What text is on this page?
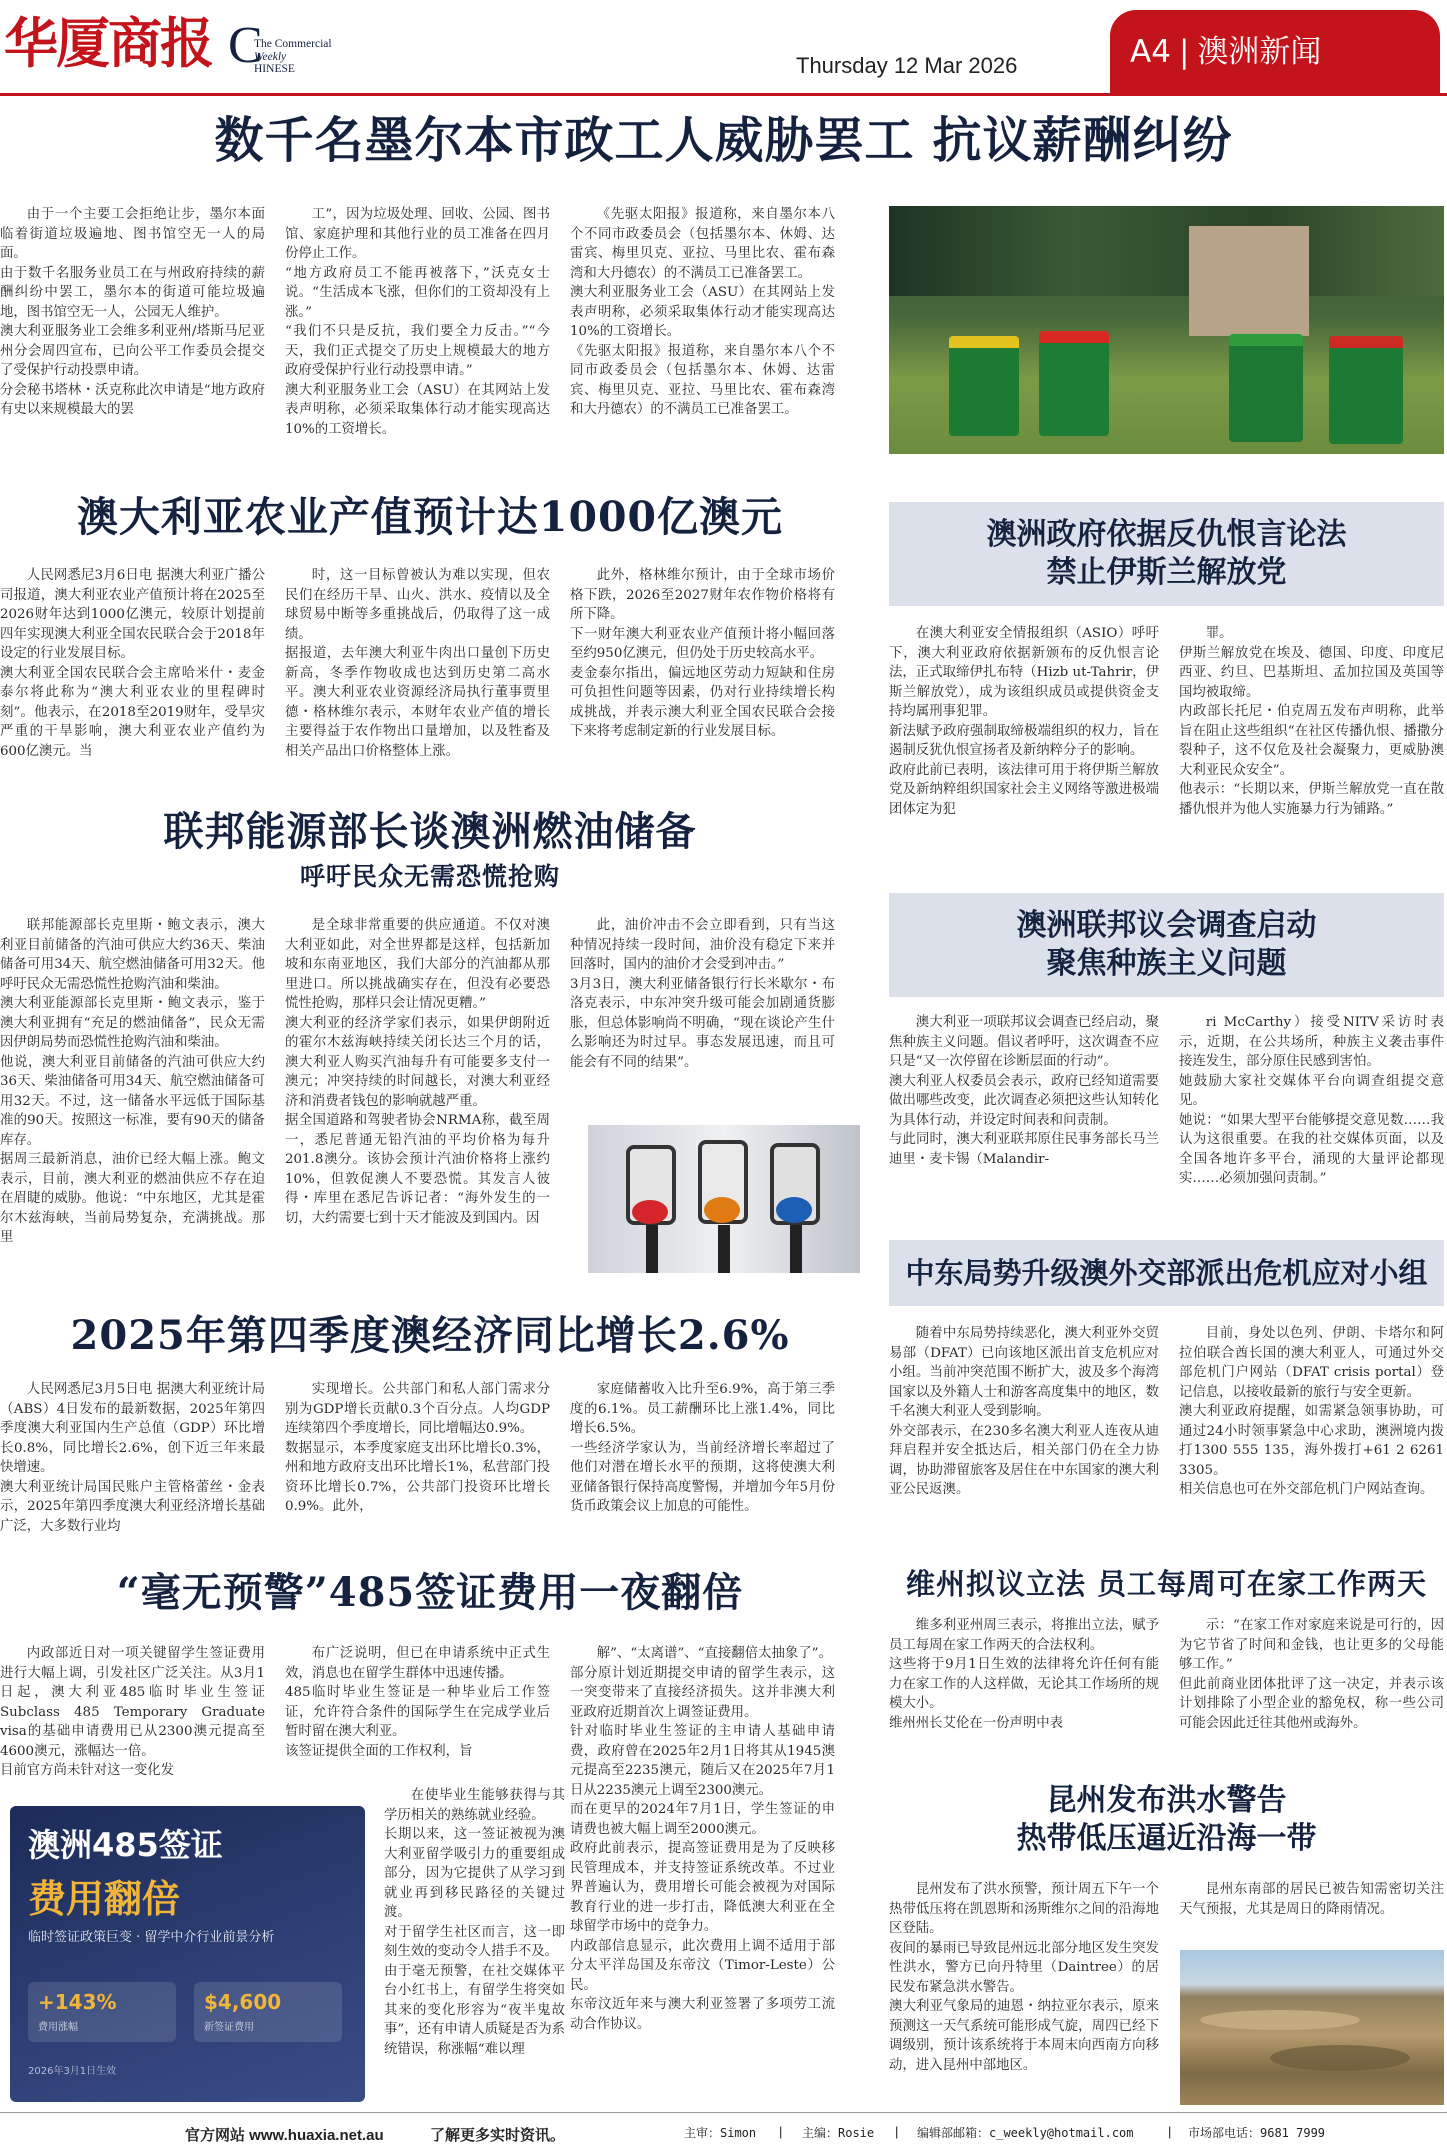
华厦商报 C
The Commercial
Weekly
HINESE	Thursday 12 Mar 2026	A4 | 澳洲新闻
数千名墨尔本市政工人威胁罢工 抗议薪酬纠纷
由于一个主要工会拒绝让步，墨尔本面临着街道垃圾遍地、图书馆空无一人的局面。
由于数千名服务业员工在与州政府持续的薪酬纠纷中罢工，墨尔本的街道可能垃圾遍地，图书馆空无一人，公园无人维护。
澳大利亚服务业工会维多利亚州/塔斯马尼亚州分会周四宣布，已向公平工作委员会提交了受保护行动投票申请。
分会秘书塔林・沃克称此次申请是“地方政府有史以来规模最大的罢
工”，因为垃圾处理、回收、公园、图书馆、家庭护理和其他行业的员工准备在四月份停止工作。
“地方政府员工不能再被落下，”沃克女士说。“生活成本飞涨，但你们的工资却没有上涨。”
“我们不只是反抗，我们要全力反击。”“今天，我们正式提交了历史上规模最大的地方政府受保护行业行动投票申请。”
澳大利亚服务业工会（ASU）在其网站上发表声明称，必须采取集体行动才能实现高达10%的工资增长。
《先驱太阳报》报道称，来自墨尔本八个不同市政委员会（包括墨尔本、休姆、达雷宾、梅里贝克、亚拉、马里比农、霍布森湾和大丹德农）的不满员工已准备罢工。
澳大利亚服务业工会（ASU）在其网站上发表声明称，必须采取集体行动才能实现高达10%的工资增长。
《先驱太阳报》报道称，来自墨尔本八个不同市政委员会（包括墨尔本、休姆、达雷宾、梅里贝克、亚拉、马里比农、霍布森湾和大丹德农）的不满员工已准备罢工。
澳大利亚农业产值预计达1000亿澳元
人民网悉尼3月6日电 据澳大利亚广播公司报道，澳大利亚农业产值预计将在2025至2026财年达到1000亿澳元，较原计划提前四年实现澳大利亚全国农民联合会于2018年设定的行业发展目标。
澳大利亚全国农民联合会主席哈米什・麦金泰尔将此称为“澳大利亚农业的里程碑时刻”。他表示，在2018至2019财年，受旱灾严重的干旱影响，澳大利亚农业产值约为600亿澳元。当
时，这一目标曾被认为难以实现，但农民们在经历干旱、山火、洪水、疫情以及全球贸易中断等多重挑战后，仍取得了这一成绩。
据报道，去年澳大利亚牛肉出口量创下历史新高，冬季作物收成也达到历史第二高水平。澳大利亚农业资源经济局执行董事贾里德・格林维尔表示，本财年农业产值的增长主要得益于农作物出口量增加，以及牲畜及相关产品出口价格整体上涨。
此外，格林维尔预计，由于全球市场价格下跌，2026至2027财年农作物价格将有所下降。
下一财年澳大利亚农业产值预计将小幅回落至约950亿澳元，但仍处于历史较高水平。
麦金泰尔指出，偏远地区劳动力短缺和住房可负担性问题等因素，仍对行业持续增长构成挑战，并表示澳大利亚全国农民联合会接下来将考虑制定新的行业发展目标。
联邦能源部长谈澳洲燃油储备
呼吁民众无需恐慌抢购
联邦能源部长克里斯・鲍文表示，澳大利亚目前储备的汽油可供应大约36天、柴油储备可用34天、航空燃油储备可用32天。他呼吁民众无需恐慌性抢购汽油和柴油。
澳大利亚能源部长克里斯・鲍文表示，鉴于澳大利亚拥有“充足的燃油储备”，民众无需因伊朗局势而恐慌性抢购汽油和柴油。
他说，澳大利亚目前储备的汽油可供应大约36天、柴油储备可用34天、航空燃油储备可用32天。不过，这一储备水平远低于国际基准的90天。按照这一标准，要有90天的储备库存。
据周三最新消息，油价已经大幅上涨。鲍文表示，目前，澳大利亚的燃油供应不存在迫在眉睫的威胁。他说：“中东地区，尤其是霍尔木兹海峡，当前局势复杂，充满挑战。那里
是全球非常重要的供应通道。不仅对澳大利亚如此，对全世界都是这样，包括新加坡和东南亚地区，我们大部分的汽油都从那里进口。所以挑战确实存在，但没有必要恐慌性抢购，那样只会让情况更糟。”
澳大利亚的经济学家们表示，如果伊朗附近的霍尔木兹海峡持续关闭长达三个月的话，澳大利亚人购买汽油每升有可能要多支付一澳元；冲突持续的时间越长，对澳大利亚经济和消费者钱包的影响就越严重。
据全国道路和驾驶者协会NRMA称，截至周一，悉尼普通无铅汽油的平均价格为每升201.8澳分。该协会预计汽油价格将上涨约10%，但敦促澳人不要恐慌。其发言人彼得・库里在悉尼告诉记者：“海外发生的一切，大约需要七到十天才能波及到国内。因
此，油价冲击不会立即看到，只有当这种情况持续一段时间，油价没有稳定下来并回落时，国内的油价才会受到冲击。”
3月3日，澳大利亚储备银行行长米歇尔・布洛克表示，中东冲突升级可能会加剧通货膨胀，但总体影响尚不明确，“现在谈论产生什么影响还为时过早。事态发展迅速，而且可能会有不同的结果”。
2025年第四季度澳经济同比增长2.6%
人民网悉尼3月5日电 据澳大利亚统计局（ABS）4日发布的最新数据，2025年第四季度澳大利亚国内生产总值（GDP）环比增长0.8%，同比增长2.6%，创下近三年来最快增速。
澳大利亚统计局国民账户主管格蕾丝・金表示，2025年第四季度澳大利亚经济增长基础广泛，大多数行业均
实现增长。公共部门和私人部门需求分别为GDP增长贡献0.3个百分点。人均GDP连续第四个季度增长，同比增幅达0.9%。
数据显示，本季度家庭支出环比增长0.3%，州和地方政府支出环比增长1%，私营部门投资环比增长0.7%，公共部门投资环比增长0.9%。此外，
家庭储蓄收入比升至6.9%，高于第三季度的6.1%。员工薪酬环比上涨1.4%，同比增长6.5%。
一些经济学家认为，当前经济增长率超过了他们对潜在增长水平的预期，这将使澳大利亚储备银行保持高度警惕，并增加今年5月份货币政策会议上加息的可能性。
“毫无预警”485签证费用一夜翻倍
内政部近日对一项关键留学生签证费用进行大幅上调，引发社区广泛关注。从3月1日起，澳大利亚485临时毕业生签证Subclass 485 Temporary Graduate visa的基础申请费用已从2300澳元提高至4600澳元，涨幅达一倍。
目前官方尚未针对这一变化发
布广泛说明，但已在申请系统中正式生效，消息也在留学生群体中迅速传播。
485临时毕业生签证是一种毕业后工作签证，允许符合条件的国际学生在完成学业后暂时留在澳大利亚。
该签证提供全面的工作权利，旨
解”、“太离谱”、“直接翻倍太抽象了”。
部分原计划近期提交申请的留学生表示，这一突变带来了直接经济损失。这并非澳大利亚政府近期首次上调签证费用。
针对临时毕业生签证的主申请人基础申请费，政府曾在2025年2月1日将其从1945澳元提高至2235澳元，随后又在2025年7月1日从2235澳元上调至2300澳元。
而在更早的2024年7月1日，学生签证的申请费也被大幅上调至2000澳元。
政府此前表示，提高签证费用是为了反映移民管理成本，并支持签证系统改革。不过业界普遍认为，费用增长可能会被视为对国际教育行业的进一步打击，降低澳大利亚在全球留学市场中的竞争力。
内政部信息显示，此次费用上调不适用于部分太平洋岛国及东帝汶（Timor-Leste）公民。
东帝汶近年来与澳大利亚签署了多项劳工流动合作协议。
在使毕业生能够获得与其学历相关的熟练就业经验。
长期以来，这一签证被视为澳大利亚留学吸引力的重要组成部分，因为它提供了从学习到就业再到移民路径的关键过渡。
对于留学生社区而言，这一即刻生效的变动令人措手不及。
由于毫无预警，在社交媒体平台小红书上，有留学生将突如其来的变化形容为“夜半鬼故事”，还有申请人质疑是否为系统错误，称涨幅“难以理
澳洲485签证
费用翻倍
临时签证政策巨变 · 留学中介行业前景分析
+143%
费用涨幅
$4,600
新签证费用
2026年3月1日生效
澳洲政府依据反仇恨言论法
禁止伊斯兰解放党
在澳大利亚安全情报组织（ASIO）呼吁下，澳大利亚政府依据新颁布的反仇恨言论法，正式取缔伊扎布特（Hizb ut-Tahrir，伊斯兰解放党），成为该组织成员或提供资金支持均属刑事犯罪。
新法赋予政府强制取缔极端组织的权力，旨在遏制反犹仇恨宣扬者及新纳粹分子的影响。
政府此前已表明，该法律可用于将伊斯兰解放党及新纳粹组织国家社会主义网络等激进极端团体定为犯
罪。
伊斯兰解放党在埃及、德国、印度、印度尼西亚、约旦、巴基斯坦、孟加拉国及英国等国均被取缔。
内政部长托尼・伯克周五发布声明称，此举旨在阻止这些组织“在社区传播仇恨、播撒分裂种子，这不仅危及社会凝聚力，更威胁澳大利亚民众安全”。
他表示：“长期以来，伊斯兰解放党一直在散播仇恨并为他人实施暴力行为铺路。”
澳洲联邦议会调查启动
聚焦种族主义问题
澳大利亚一项联邦议会调查已经启动，聚焦种族主义问题。倡议者呼吁，这次调查不应只是“又一次停留在诊断层面的行动”。
澳大利亚人权委员会表示，政府已经知道需要做出哪些改变，此次调查必须把这些认知转化为具体行动，并设定时间表和问责制。
与此同时，澳大利亚联邦原住民事务部长马兰迪里・麦卡锡（Malandir-
ri McCarthy）接受NITV采访时表示，近期，在公共场所，种族主义袭击事件接连发生，部分原住民感到害怕。
她鼓励大家社交媒体平台向调查组提交意见。
她说：“如果大型平台能够提交意见数……我认为这很重要。在我的社交媒体页面，以及全国各地许多平台，涌现的大量评论都现实……必须加强问责制。”
中东局势升级澳外交部派出危机应对小组
随着中东局势持续恶化，澳大利亚外交贸易部（DFAT）已向该地区派出首支危机应对小组。当前冲突范围不断扩大，波及多个海湾国家以及外籍人士和游客高度集中的地区，数千名澳大利亚人受到影响。
外交部表示，在230多名澳大利亚人连夜从迪拜启程并安全抵达后，相关部门仍在全力协调，协助滞留旅客及居住在中东国家的澳大利亚公民返澳。
目前，身处以色列、伊朗、卡塔尔和阿拉伯联合酋长国的澳大利亚人，可通过外交部危机门户网站（DFAT crisis portal）登记信息，以接收最新的旅行与安全更新。
澳大利亚政府提醒，如需紧急领事协助，可通过24小时领事紧急中心求助，澳洲境内拨打1300 555 135，海外拨打+61 2 6261 3305。
相关信息也可在外交部危机门户网站查询。
维州拟议立法 员工每周可在家工作两天
维多利亚州周三表示，将推出立法，赋予员工每周在家工作两天的合法权利。
这些将于9月1日生效的法律将允许任何有能力在家工作的人这样做，无论其工作场所的规模大小。
维州州长艾伦在一份声明中表
示：“在家工作对家庭来说是可行的，因为它节省了时间和金钱，也让更多的父母能够工作。”
但此前商业团体批评了这一决定，并表示该计划排除了小型企业的豁免权，称一些公司可能会因此迁往其他州或海外。
昆州发布洪水警告
热带低压逼近沿海一带
昆州发布了洪水预警，预计周五下午一个热带低压将在凯恩斯和汤斯维尔之间的沿海地区登陆。
夜间的暴雨已导致昆州远北部分地区发生突发性洪水，警方已向丹特里（Daintree）的居民发布紧急洪水警告。
澳大利亚气象局的迪恩・纳拉亚尔表示，原来预测这一天气系统可能形成气旋，周四已经下调级别，预计该系统将于本周末向西南方向移动，进入昆州中部地区。
昆州东南部的居民已被告知需密切关注天气预报，尤其是周日的降雨情况。
官方网站 www.huaxia.net.au	了解更多实时资讯。	主审：Simon | 主编：Rosie | 编辑部邮箱：c_weekly@hotmail.com	| 市场部电话：9681 7999
